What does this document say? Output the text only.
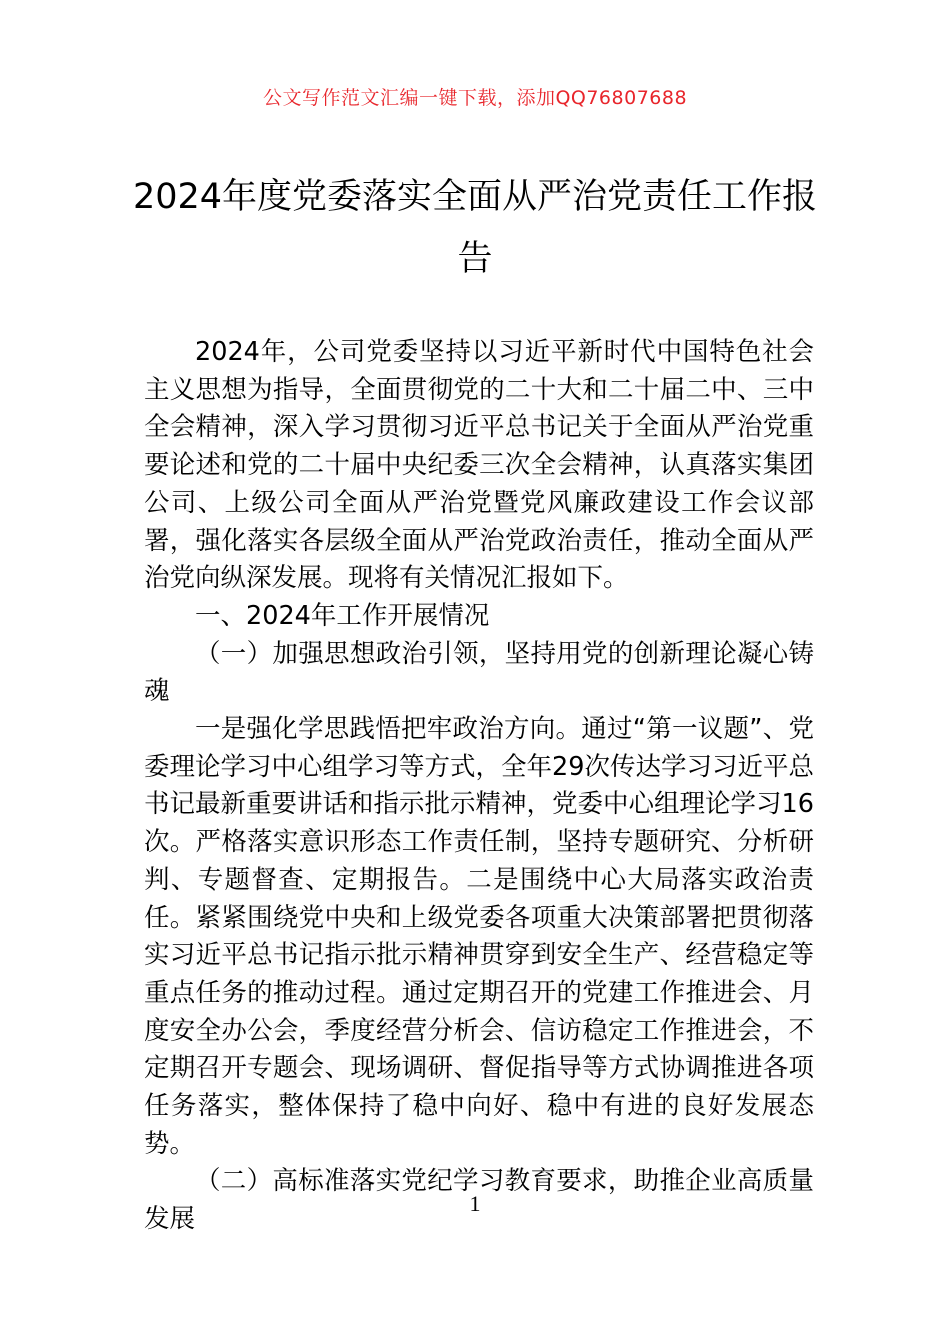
公文写作范文汇编一键下载，添加QQ76807688
2024年度党委落实全面从严治党责任工作报告

2024年，公司党委坚持以习近平新时代中国特色社会主义思想为指导，全面贯彻党的二十大和二十届二中、三中全会精神，深入学习贯彻习近平总书记关于全面从严治党重要论述和党的二十届中央纪委三次全会精神，认真落实集团公司、上级公司全面从严治党暨党风廉政建设工作会议部署，强化落实各层级全面从严治党政治责任，推动全面从严治党向纵深发展。现将有关情况汇报如下。

一、2024年工作开展情况

（一）加强思想政治引领，坚持用党的创新理论凝心铸魂

一是强化学思践悟把牢政治方向。通过“第一议题”、党委理论学习中心组学习等方式，全年29次传达学习习近平总书记最新重要讲话和指示批示精神，党委中心组理论学习16次。严格落实意识形态工作责任制，坚持专题研究、分析研判、专题督查、定期报告。二是围绕中心大局落实政治责任。紧紧围绕党中央和上级党委各项重大决策部署把贯彻落实习近平总书记指示批示精神贯穿到安全生产、经营稳定等重点任务的推动过程。通过定期召开的党建工作推进会、月度安全办公会，季度经营分析会、信访稳定工作推进会，不定期召开专题会、现场调研、督促指导等方式协调推进各项任务落实，整体保持了稳中向好、稳中有进的良好发展态势。

（二）高标准落实党纪学习教育要求，助推企业高质量发展

1
